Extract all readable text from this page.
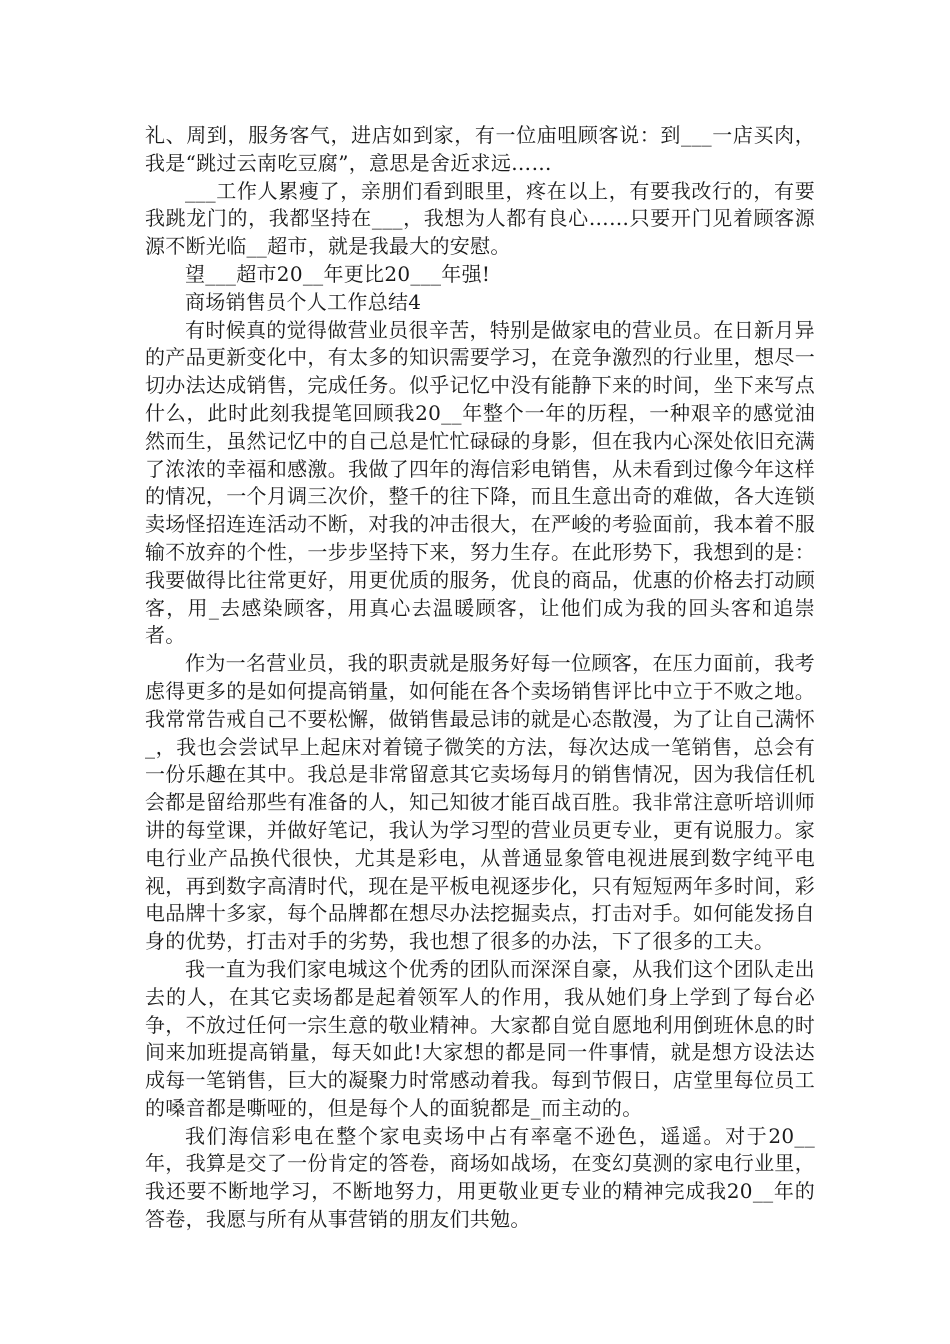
礼、周到，服务客气，进店如到家，有一位庙咀顾客说：到___一店买肉，我是“跳过云南吃豆腐”，意思是舍近求远……

___工作人累瘦了，亲朋们看到眼里，疼在以上，有要我改行的，有要我跳龙门的，我都坚持在___，我想为人都有良心……只要开门见着顾客源源不断光临__超市，就是我最大的安慰。

望___超市20__年更比20___年强!

商场销售员个人工作总结4

有时候真的觉得做营业员很辛苦，特别是做家电的营业员。在日新月异的产品更新变化中，有太多的知识需要学习，在竞争激烈的行业里，想尽一切办法达成销售，完成任务。似乎记忆中没有能静下来的时间，坐下来写点什么，此时此刻我提笔回顾我20__年整个一年的历程，一种艰辛的感觉油然而生，虽然记忆中的自己总是忙忙碌碌的身影，但在我内心深处依旧充满了浓浓的幸福和感激。我做了四年的海信彩电销售，从未看到过像今年这样的情况，一个月调三次价，整千的往下降，而且生意出奇的难做，各大连锁卖场怪招连连活动不断，对我的冲击很大，在严峻的考验面前，我本着不服输不放弃的个性，一步步坚持下来，努力生存。在此形势下，我想到的是：我要做得比往常更好，用更优质的服务，优良的商品，优惠的价格去打动顾客，用_去感染顾客，用真心去温暖顾客，让他们成为我的回头客和追崇者。

作为一名营业员，我的职责就是服务好每一位顾客，在压力面前，我考虑得更多的是如何提高销量，如何能在各个卖场销售评比中立于不败之地。我常常告戒自己不要松懈，做销售最忌讳的就是心态散漫，为了让自己满怀_，我也会尝试早上起床对着镜子微笑的方法，每次达成一笔销售，总会有一份乐趣在其中。我总是非常留意其它卖场每月的销售情况，因为我信任机会都是留给那些有准备的人，知己知彼才能百战百胜。我非常注意听培训师讲的每堂课，并做好笔记，我认为学习型的营业员更专业，更有说服力。家电行业产品换代很快，尤其是彩电，从普通显象管电视进展到数字纯平电视，再到数字高清时代，现在是平板电视逐步化，只有短短两年多时间，彩电品牌十多家，每个品牌都在想尽办法挖掘卖点，打击对手。如何能发扬自身的优势，打击对手的劣势，我也想了很多的办法，下了很多的工夫。

我一直为我们家电城这个优秀的团队而深深自豪，从我们这个团队走出去的人，在其它卖场都是起着领军人的作用，我从她们身上学到了每台必争，不放过任何一宗生意的敬业精神。大家都自觉自愿地利用倒班休息的时间来加班提高销量，每天如此!大家想的都是同一件事情，就是想方设法达成每一笔销售，巨大的凝聚力时常感动着我。每到节假日，店堂里每位员工的嗓音都是嘶哑的，但是每个人的面貌都是_而主动的。

我们海信彩电在整个家电卖场中占有率毫不逊色，遥遥。对于20__年，我算是交了一份肯定的答卷，商场如战场，在变幻莫测的家电行业里，我还要不断地学习，不断地努力，用更敬业更专业的精神完成我20__年的答卷，我愿与所有从事营销的朋友们共勉。
